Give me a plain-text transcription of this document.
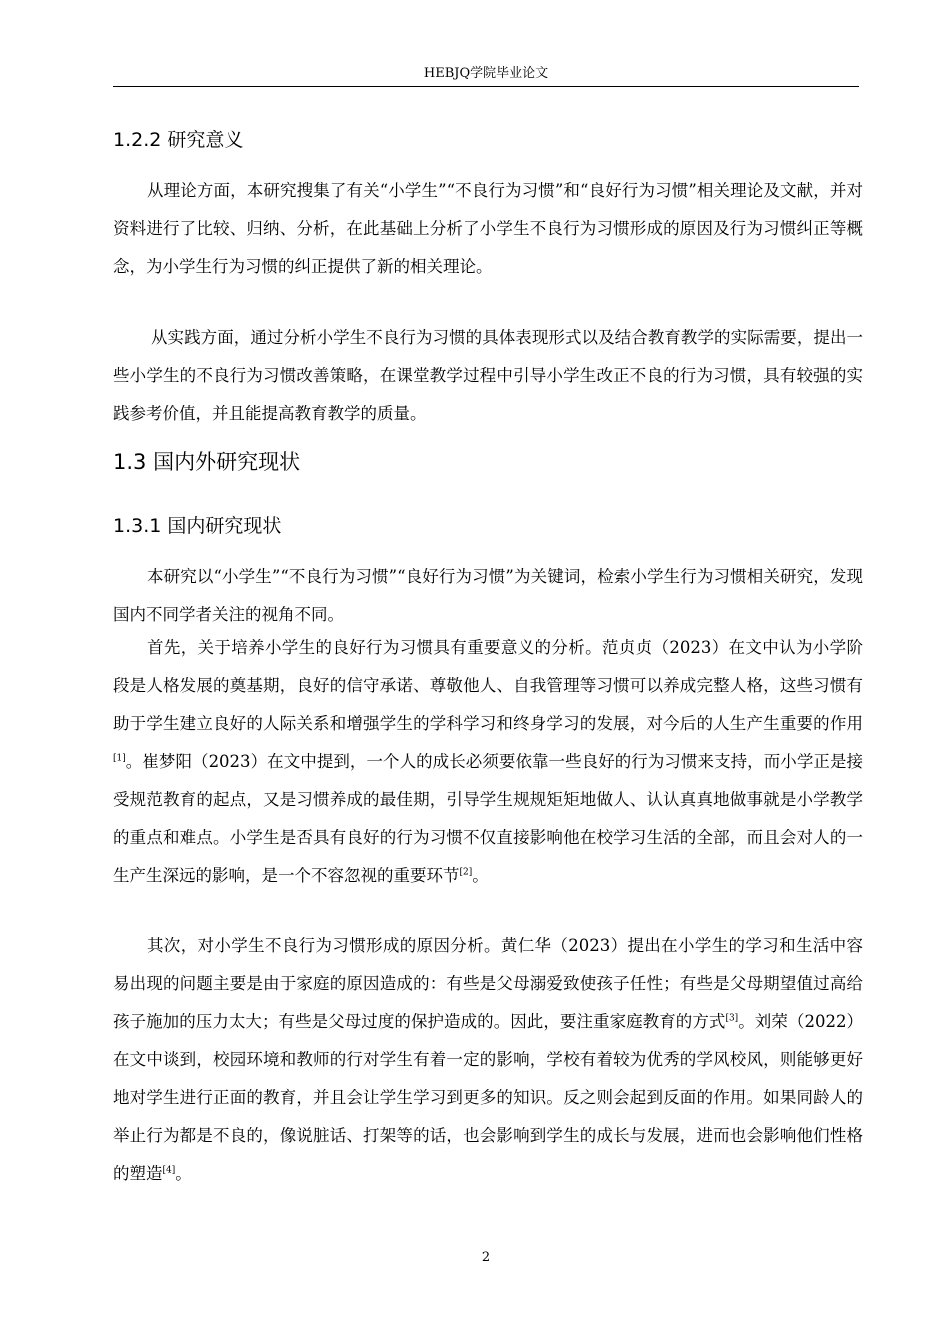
HEBJQ学院毕业论文
1.2.2 研究意义

从理论方面，本研究搜集了有关“小学生”“不良行为习惯”和“良好行为习惯”相关理论及文献，并对资料进行了比较、归纳、分析，在此基础上分析了小学生不良行为习惯形成的原因及行为习惯纠正等概念，为小学生行为习惯的纠正提供了新的相关理论。

从实践方面，通过分析小学生不良行为习惯的具体表现形式以及结合教育教学的实际需要，提出一些小学生的不良行为习惯改善策略，在课堂教学过程中引导小学生改正不良的行为习惯，具有较强的实践参考价值，并且能提高教育教学的质量。

1.3 国内外研究现状
1.3.1 国内研究现状

本研究以“小学生”“不良行为习惯”“良好行为习惯”为关键词，检索小学生行为习惯相关研究，发现国内不同学者关注的视角不同。

首先，关于培养小学生的良好行为习惯具有重要意义的分析。范贞贞（2023）在文中认为小学阶段是人格发展的奠基期，良好的信守承诺、尊敬他人、自我管理等习惯可以养成完整人格，这些习惯有助于学生建立良好的人际关系和增强学生的学科学习和终身学习的发展，对今后的人生产生重要的作用[1]。崔梦阳（2023）在文中提到，一个人的成长必须要依靠一些良好的行为习惯来支持，而小学正是接受规范教育的起点，又是习惯养成的最佳期，引导学生规规矩矩地做人、认认真真地做事就是小学教学的重点和难点。小学生是否具有良好的行为习惯不仅直接影响他在校学习生活的全部，而且会对人的一生产生深远的影响，是一个不容忽视的重要环节[2]。

其次，对小学生不良行为习惯形成的原因分析。黄仁华（2023）提出在小学生的学习和生活中容易出现的问题主要是由于家庭的原因造成的：有些是父母溺爱致使孩子任性；有些是父母期望值过高给孩子施加的压力太大；有些是父母过度的保护造成的。因此，要注重家庭教育的方式[3]。刘荣（2022）在文中谈到，校园环境和教师的行对学生有着一定的影响，学校有着较为优秀的学风校风，则能够更好地对学生进行正面的教育，并且会让学生学习到更多的知识。反之则会起到反面的作用。如果同龄人的举止行为都是不良的，像说脏话、打架等的话，也会影响到学生的成长与发展，进而也会影响他们性格的塑造[4]。

2
